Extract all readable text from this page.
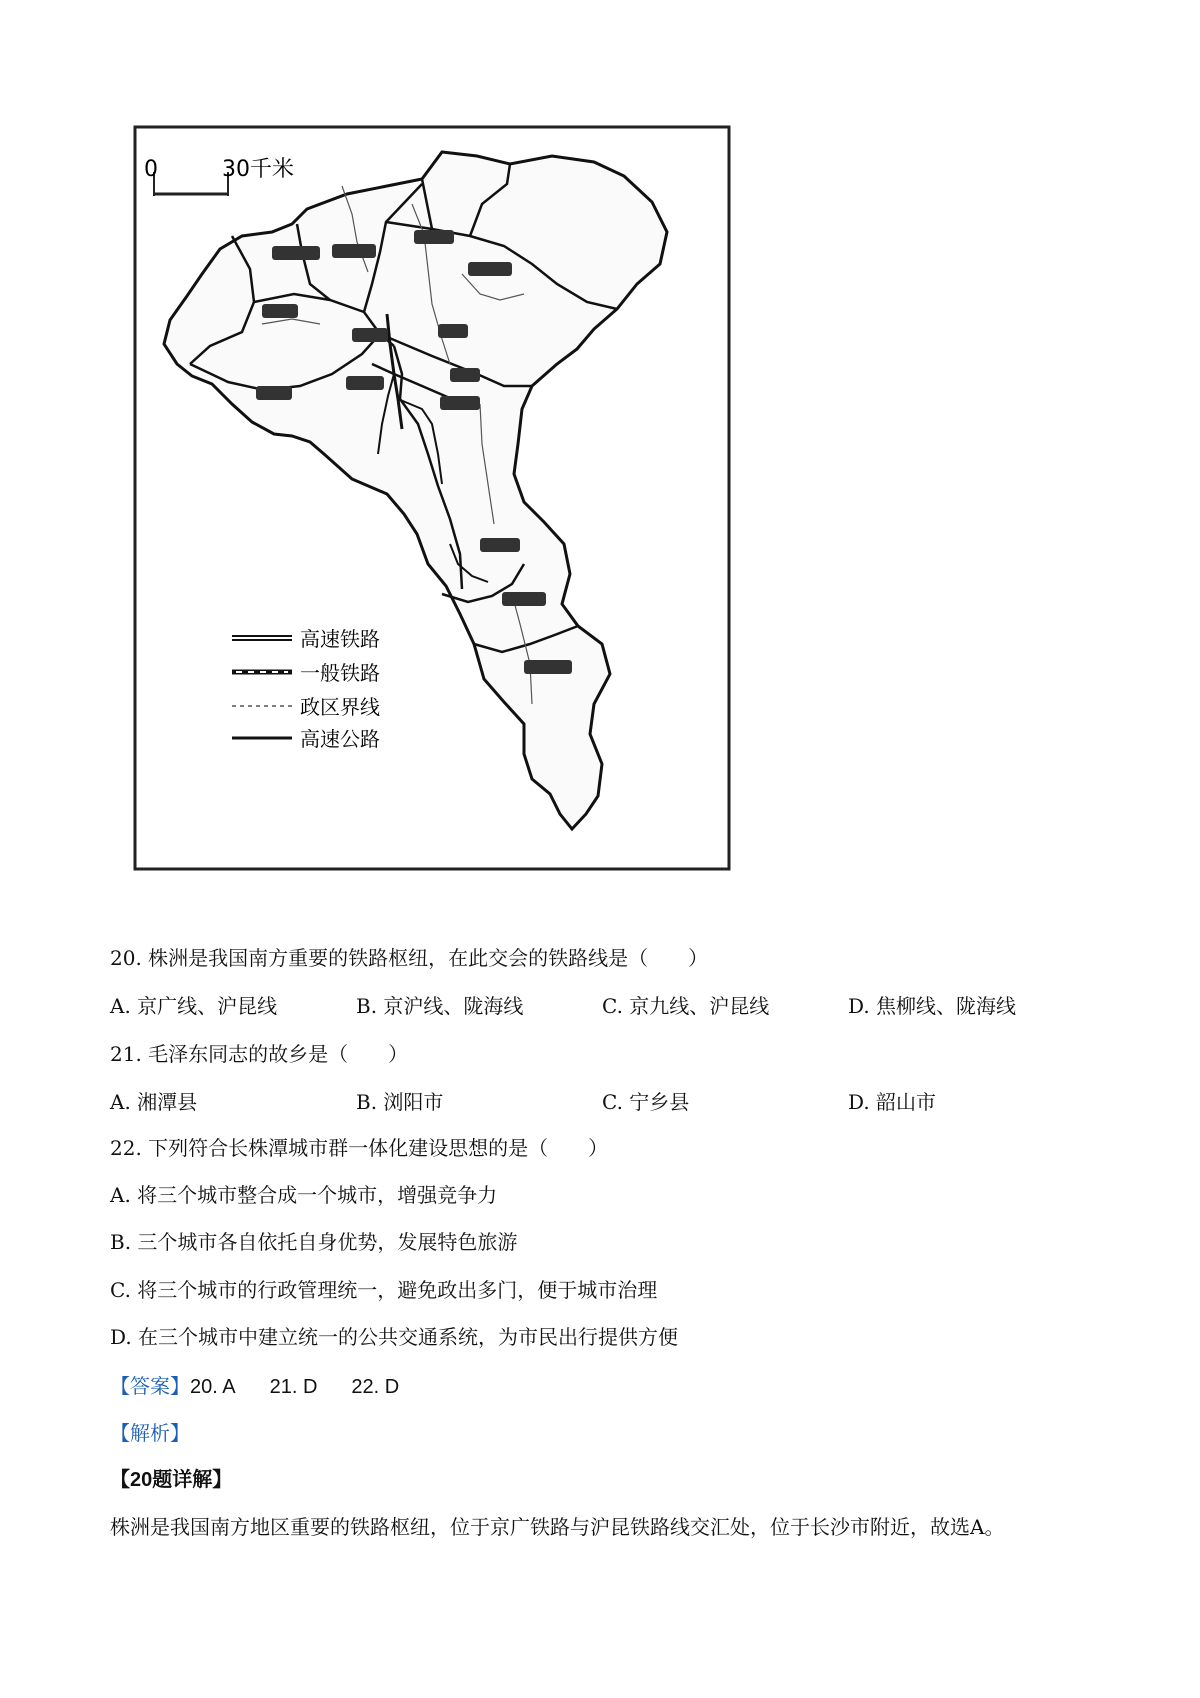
0	30千米
高速铁路
一般铁路
政区界线
高速公路
20. 株洲是我国南方重要的铁路枢纽，在此交会的铁路线是（　　）
A. 京广线、沪昆线	B. 京沪线、陇海线	C. 京九线、沪昆线	D. 焦柳线、陇海线
21. 毛泽东同志的故乡是（　　）
A. 湘潭县	B. 浏阳市	C. 宁乡县	D. 韶山市
22. 下列符合长株潭城市群一体化建设思想的是（　　）
A. 将三个城市整合成一个城市，增强竞争力
B. 三个城市各自依托自身优势，发展特色旅游
C. 将三个城市的行政管理统一，避免政出多门，便于城市治理
D. 在三个城市中建立统一的公共交通系统，为市民出行提供方便
【答案】20. A 21. D 22. D
【解析】
【20题详解】
株洲是我国南方地区重要的铁路枢纽，位于京广铁路与沪昆铁路线交汇处，位于长沙市附近，故选A。
